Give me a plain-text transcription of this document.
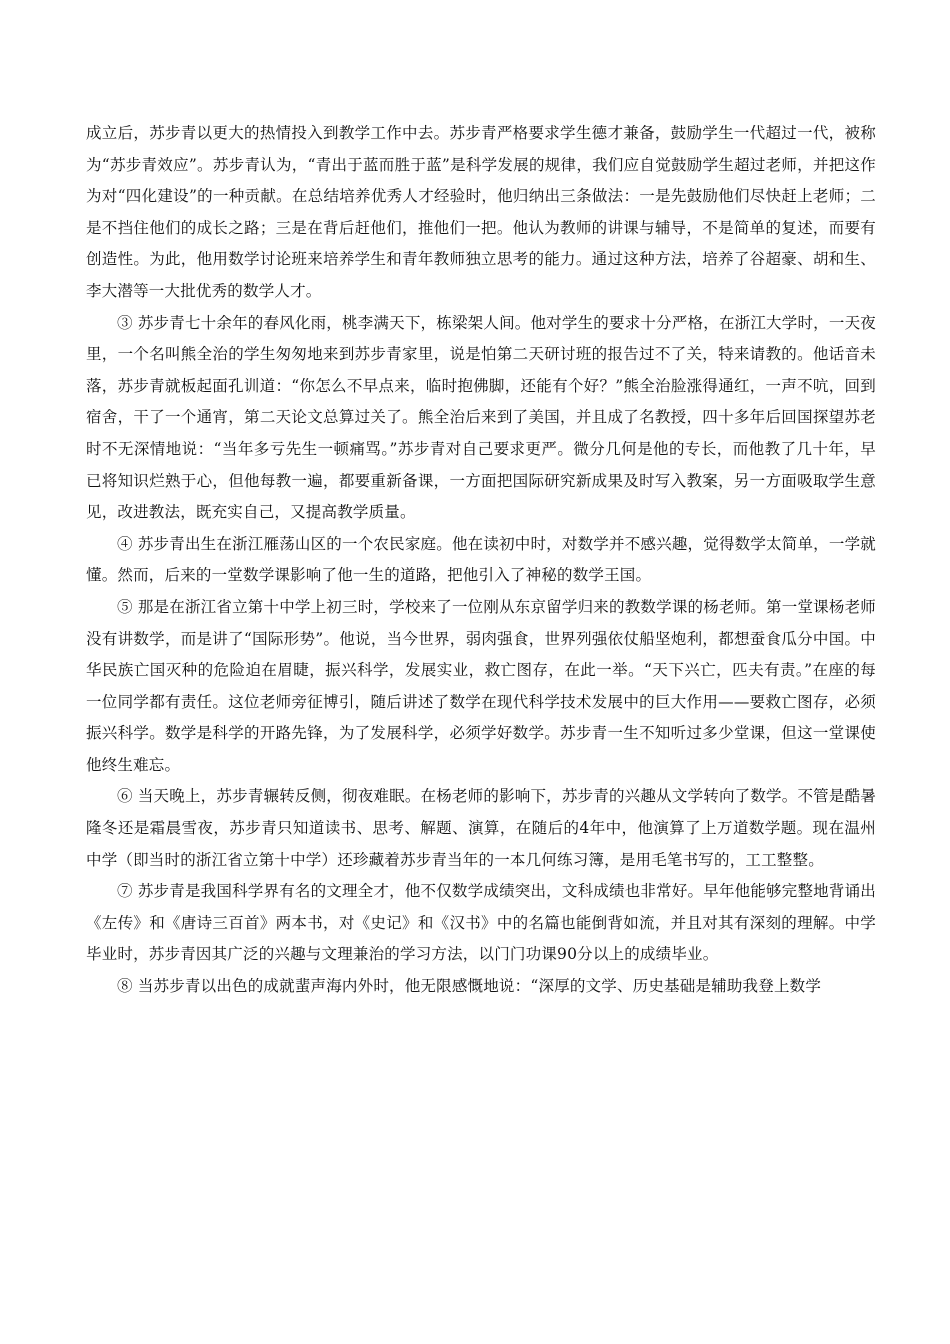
成立后，苏步青以更大的热情投入到教学工作中去。苏步青严格要求学生德才兼备，鼓励学生一代超过一代，被称为“苏步青效应”。苏步青认为，“青出于蓝而胜于蓝”是科学发展的规律，我们应自觉鼓励学生超过老师，并把这作为对“四化建设”的一种贡献。在总结培养优秀人才经验时，他归纳出三条做法：一是先鼓励他们尽快赶上老师；二是不挡住他们的成长之路；三是在背后赶他们，推他们一把。他认为教师的讲课与辅导，不是简单的复述，而要有创造性。为此，他用数学讨论班来培养学生和青年教师独立思考的能力。通过这种方法，培养了谷超豪、胡和生、李大潜等一大批优秀的数学人才。

③ 苏步青七十余年的春风化雨，桃李满天下，栋梁架人间。他对学生的要求十分严格，在浙江大学时，一天夜里，一个名叫熊全治的学生匆匆地来到苏步青家里，说是怕第二天研讨班的报告过不了关，特来请教的。他话音未落，苏步青就板起面孔训道：“你怎么不早点来，临时抱佛脚，还能有个好？”熊全治脸涨得通红，一声不吭，回到宿舍，干了一个通宵，第二天论文总算过关了。熊全治后来到了美国，并且成了名教授，四十多年后回国探望苏老时不无深情地说：“当年多亏先生一顿痛骂。”苏步青对自己要求更严。微分几何是他的专长，而他教了几十年，早已将知识烂熟于心，但他每教一遍，都要重新备课，一方面把国际研究新成果及时写入教案，另一方面吸取学生意见，改进教法，既充实自己，又提高教学质量。

④ 苏步青出生在浙江雁荡山区的一个农民家庭。他在读初中时，对数学并不感兴趣，觉得数学太简单，一学就懂。然而，后来的一堂数学课影响了他一生的道路，把他引入了神秘的数学王国。

⑤ 那是在浙江省立第十中学上初三时，学校来了一位刚从东京留学归来的教数学课的杨老师。第一堂课杨老师没有讲数学，而是讲了“国际形势”。他说，当今世界，弱肉强食，世界列强依仗船坚炮利，都想蚕食瓜分中国。中华民族亡国灭种的危险迫在眉睫，振兴科学，发展实业，救亡图存，在此一举。“天下兴亡，匹夫有责。”在座的每一位同学都有责任。这位老师旁征博引，随后讲述了数学在现代科学技术发展中的巨大作用——要救亡图存，必须振兴科学。数学是科学的开路先锋，为了发展科学，必须学好数学。苏步青一生不知听过多少堂课，但这一堂课使他终生难忘。

⑥ 当天晚上，苏步青辗转反侧，彻夜难眠。在杨老师的影响下，苏步青的兴趣从文学转向了数学。不管是酷暑隆冬还是霜晨雪夜，苏步青只知道读书、思考、解题、演算，在随后的4年中，他演算了上万道数学题。现在温州中学（即当时的浙江省立第十中学）还珍藏着苏步青当年的一本几何练习簿，是用毛笔书写的，工工整整。

⑦ 苏步青是我国科学界有名的文理全才，他不仅数学成绩突出，文科成绩也非常好。早年他能够完整地背诵出《左传》和《唐诗三百首》两本书，对《史记》和《汉书》中的名篇也能倒背如流，并且对其有深刻的理解。中学毕业时，苏步青因其广泛的兴趣与文理兼治的学习方法，以门门功课90分以上的成绩毕业。

⑧ 当苏步青以出色的成就蜚声海内外时，他无限感慨地说：“深厚的文学、历史基础是辅助我登上数学
